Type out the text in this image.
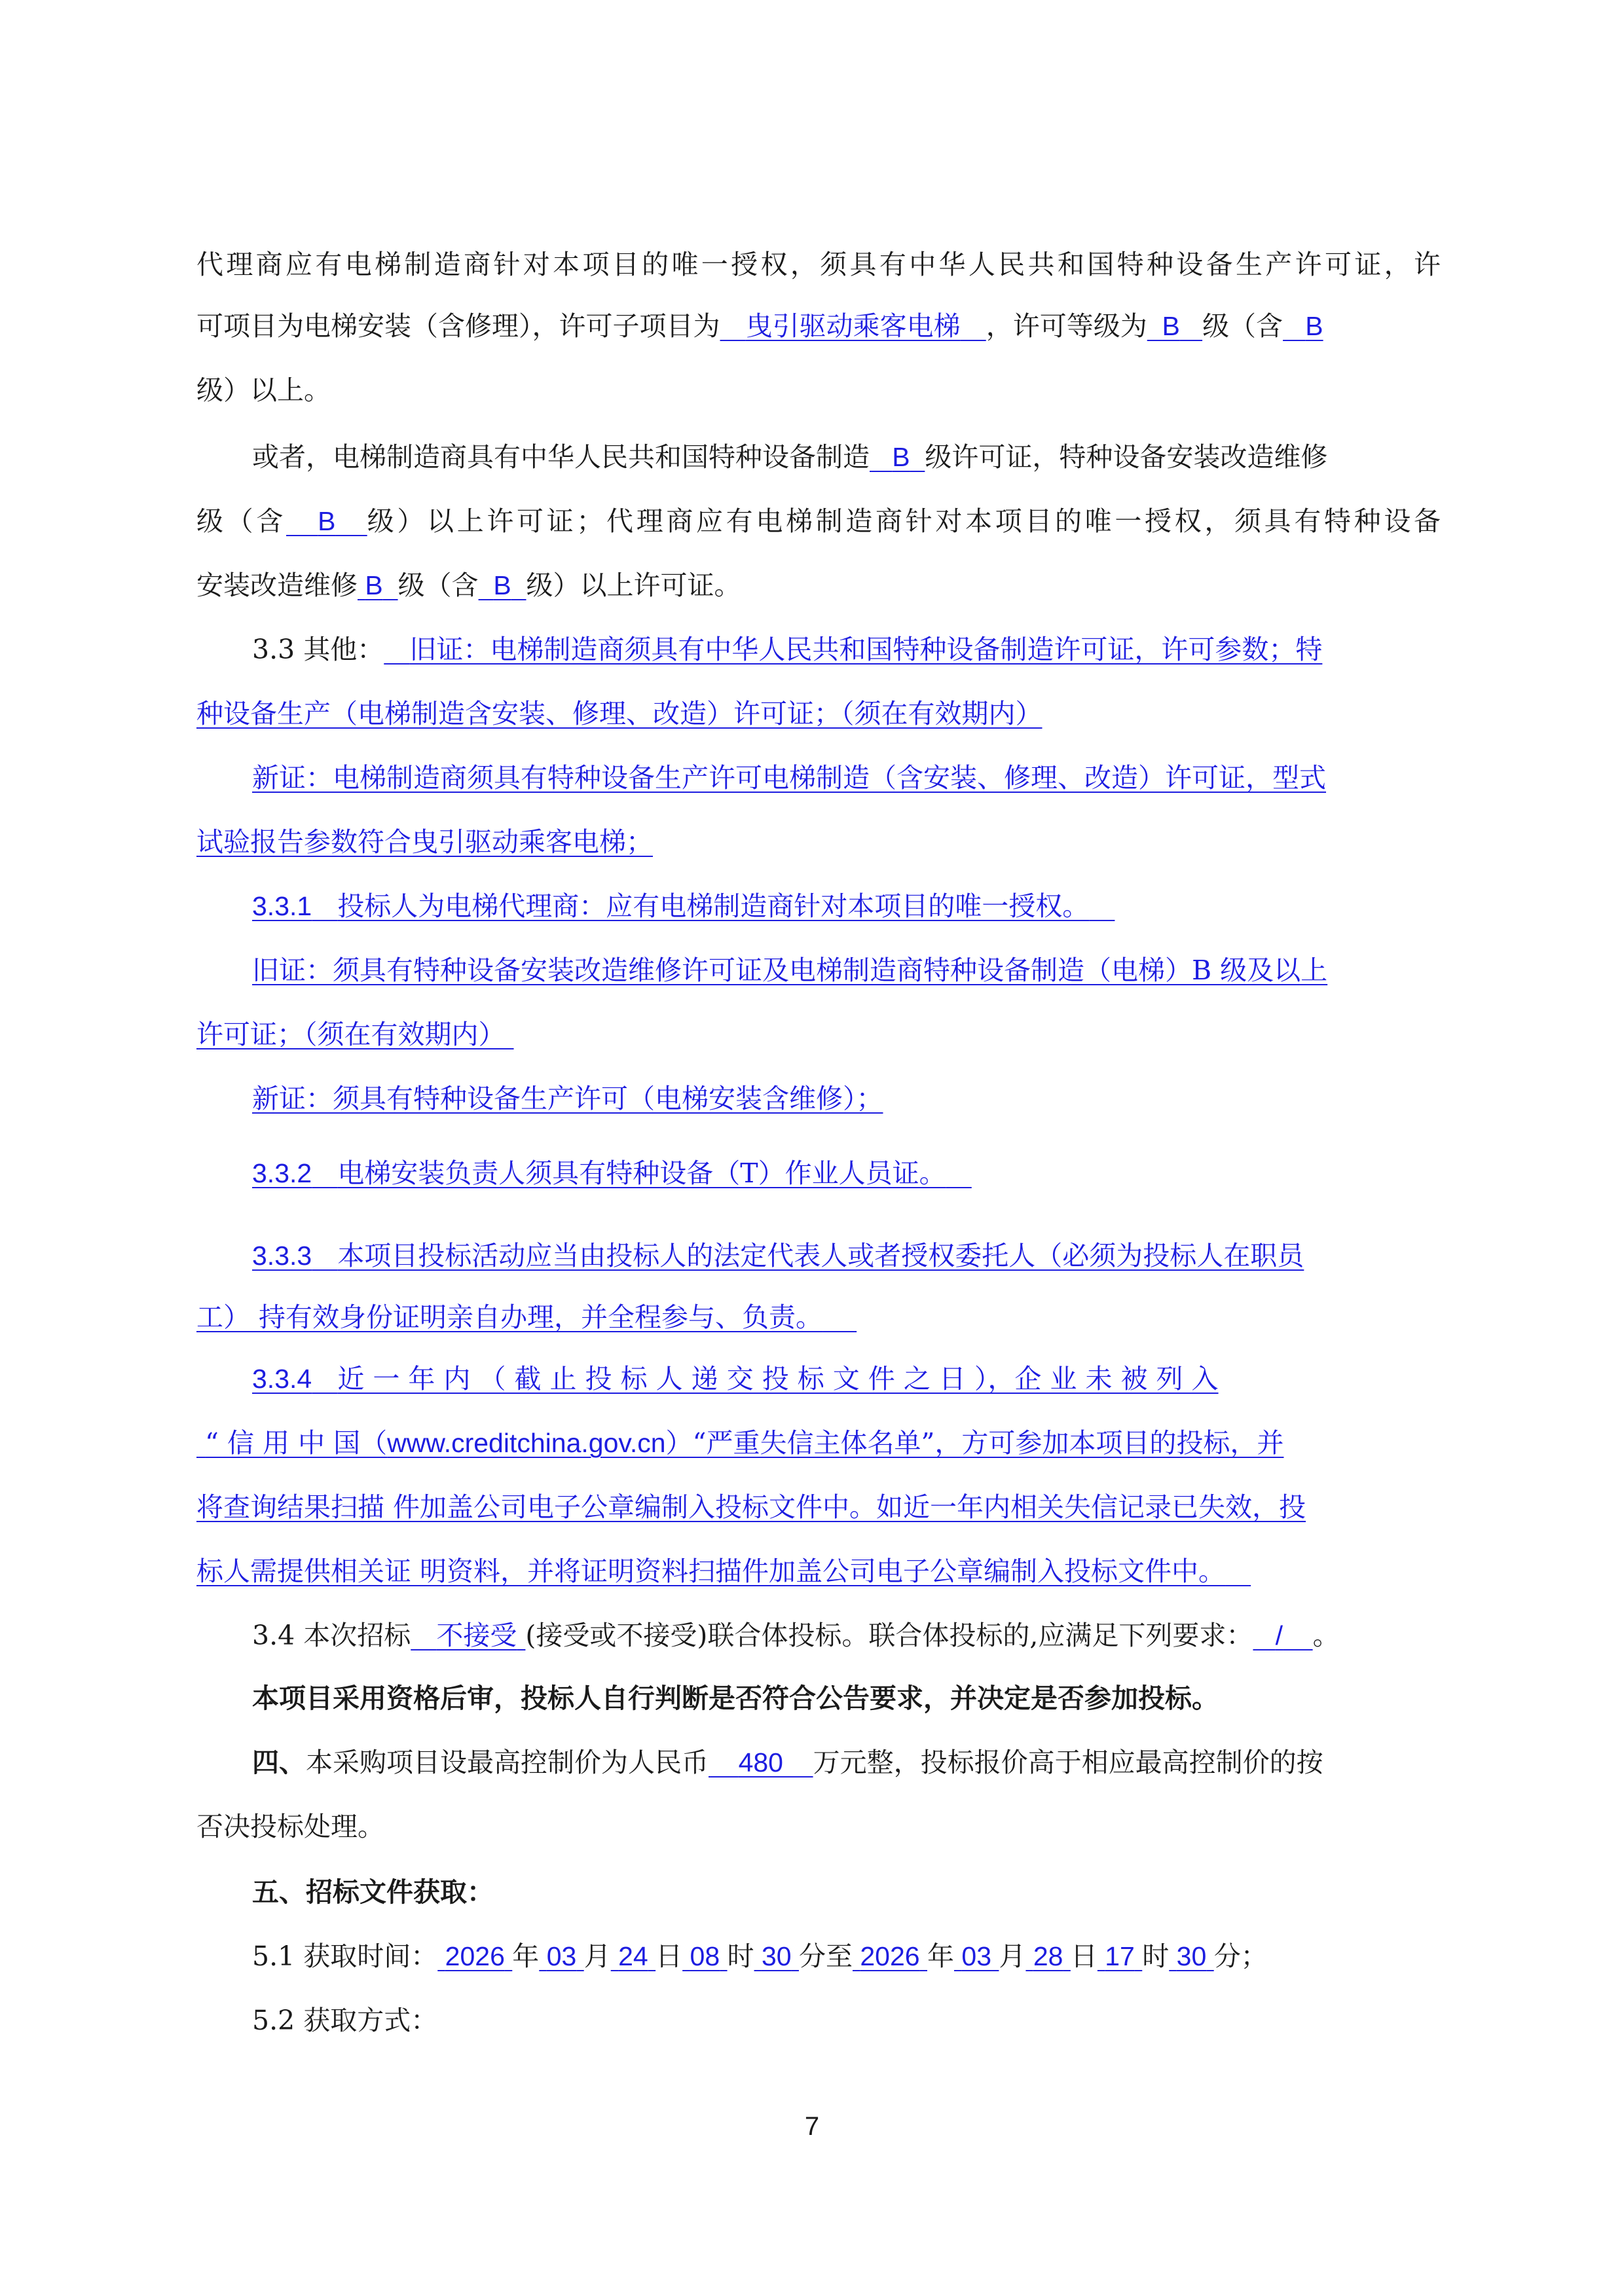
代理商应有电梯制造商针对本项目的唯一授权，须具有中华人民共和国特种设备生产许可证，许
可项目为电梯安装（含修理），许可子项目为 曳引驱动乘客电梯 ，许可等级为 B 级（含 B
级）以上。
或者，电梯制造商具有中华人民共和国特种设备制造 B 级许可证，特种设备安装改造维修
级（含 B 级）以上许可证；代理商应有电梯制造商针对本项目的唯一授权，须具有特种设备
安装改造维修 B 级（含 B 级）以上许可证。
3.3 其他： 旧证：电梯制造商须具有中华人民共和国特种设备制造许可证，许可参数；特
种设备生产（电梯制造含安装、修理、改造）许可证；（须在有效期内）
新证：电梯制造商须具有特种设备生产许可电梯制造（含安装、修理、改造）许可证，型式
试验报告参数符合曳引驱动乘客电梯；
3.3.1 投标人为电梯代理商：应有电梯制造商针对本项目的唯一授权。
旧证：须具有特种设备安装改造维修许可证及电梯制造商特种设备制造（电梯）B 级及以上
许可证；（须在有效期内）
新证：须具有特种设备生产许可（电梯安装含维修）；
3.3.2 电梯安装负责人须具有特种设备（T）作业人员证。
3.3.3 本项目投标活动应当由投标人的法定代表人或者授权委托人（必须为投标人在职员
工） 持有效身份证明亲自办理，并全程参与、负责。
3.3.4 近 一 年 内 （ 截 止 投 标 人 递 交 投 标 文 件 之 日 ），企 业 未 被 列 入
“ 信 用 中 国（www.creditchina.gov.cn）“严重失信主体名单”，方可参加本项目的投标，并
将查询结果扫描 件加盖公司电子公章编制入投标文件中。如近一年内相关失信记录已失效，投
标人需提供相关证 明资料，并将证明资料扫描件加盖公司电子公章编制入投标文件中。
3.4 本次招标 不接受 (接受或不接受)联合体投标。联合体投标的,应满足下列要求： / 。
本项目采用资格后审，投标人自行判断是否符合公告要求，并决定是否参加投标。
四、本采购项目设最高控制价为人民币 480 万元整，投标报价高于相应最高控制价的按
否决投标处理。
五、招标文件获取：
5.1 获取时间： 2026 年 03 月 24 日 08 时 30 分至 2026 年 03 月 28 日 17 时 30 分；
5.2 获取方式：
7
